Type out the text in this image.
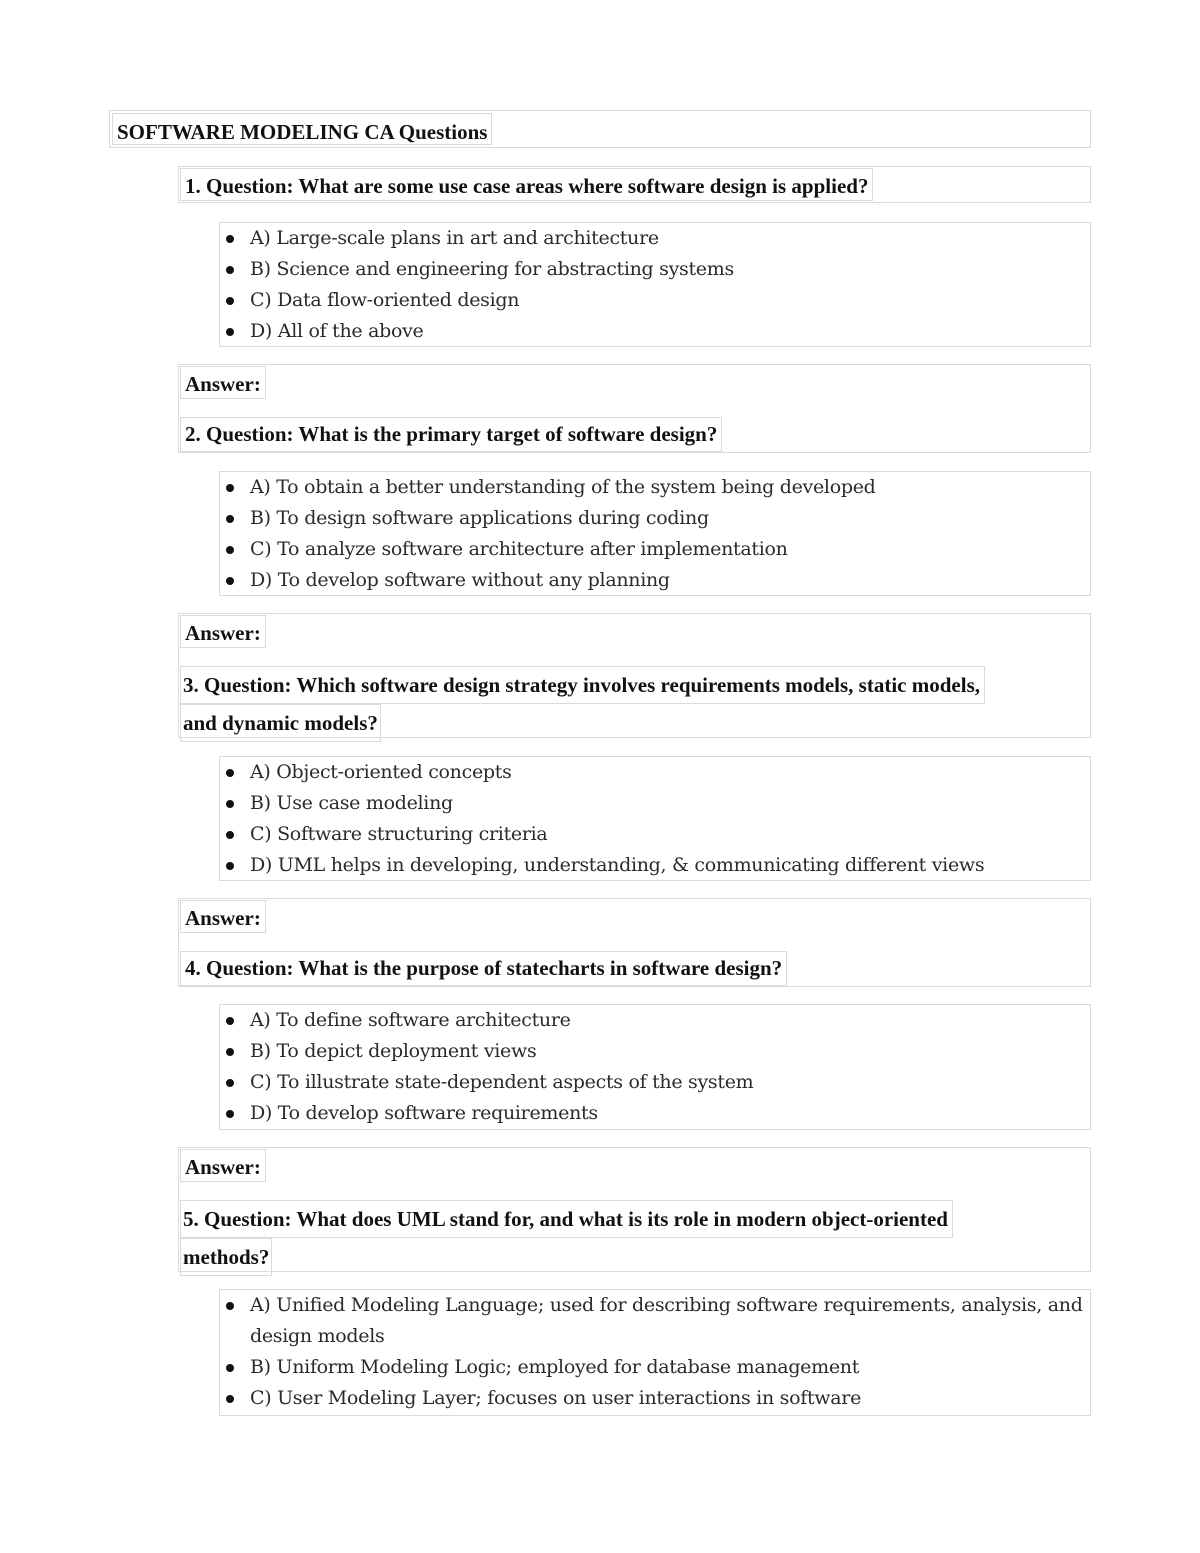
SOFTWARE MODELING CA Questions
1. Question: What are some use case areas where software design is applied?
A) Large-scale plans in art and architecture
B) Science and engineering for abstracting systems
C) Data flow-oriented design
D) All of the above
Answer:
2. Question: What is the primary target of software design?
A) To obtain a better understanding of the system being developed
B) To design software applications during coding
C) To analyze software architecture after implementation
D) To develop software without any planning
Answer:
3. Question: Which software design strategy involves requirements models, static models,
and dynamic models?
A) Object-oriented concepts
B) Use case modeling
C) Software structuring criteria
D) UML helps in developing, understanding, & communicating different views
Answer:
4. Question: What is the purpose of statecharts in software design?
A) To define software architecture
B) To depict deployment views
C) To illustrate state-dependent aspects of the system
D) To develop software requirements
Answer:
5. Question: What does UML stand for, and what is its role in modern object-oriented
methods?
A) Unified Modeling Language; used for describing software requirements, analysis, and design models
B) Uniform Modeling Logic; employed for database management
C) User Modeling Layer; focuses on user interactions in software
